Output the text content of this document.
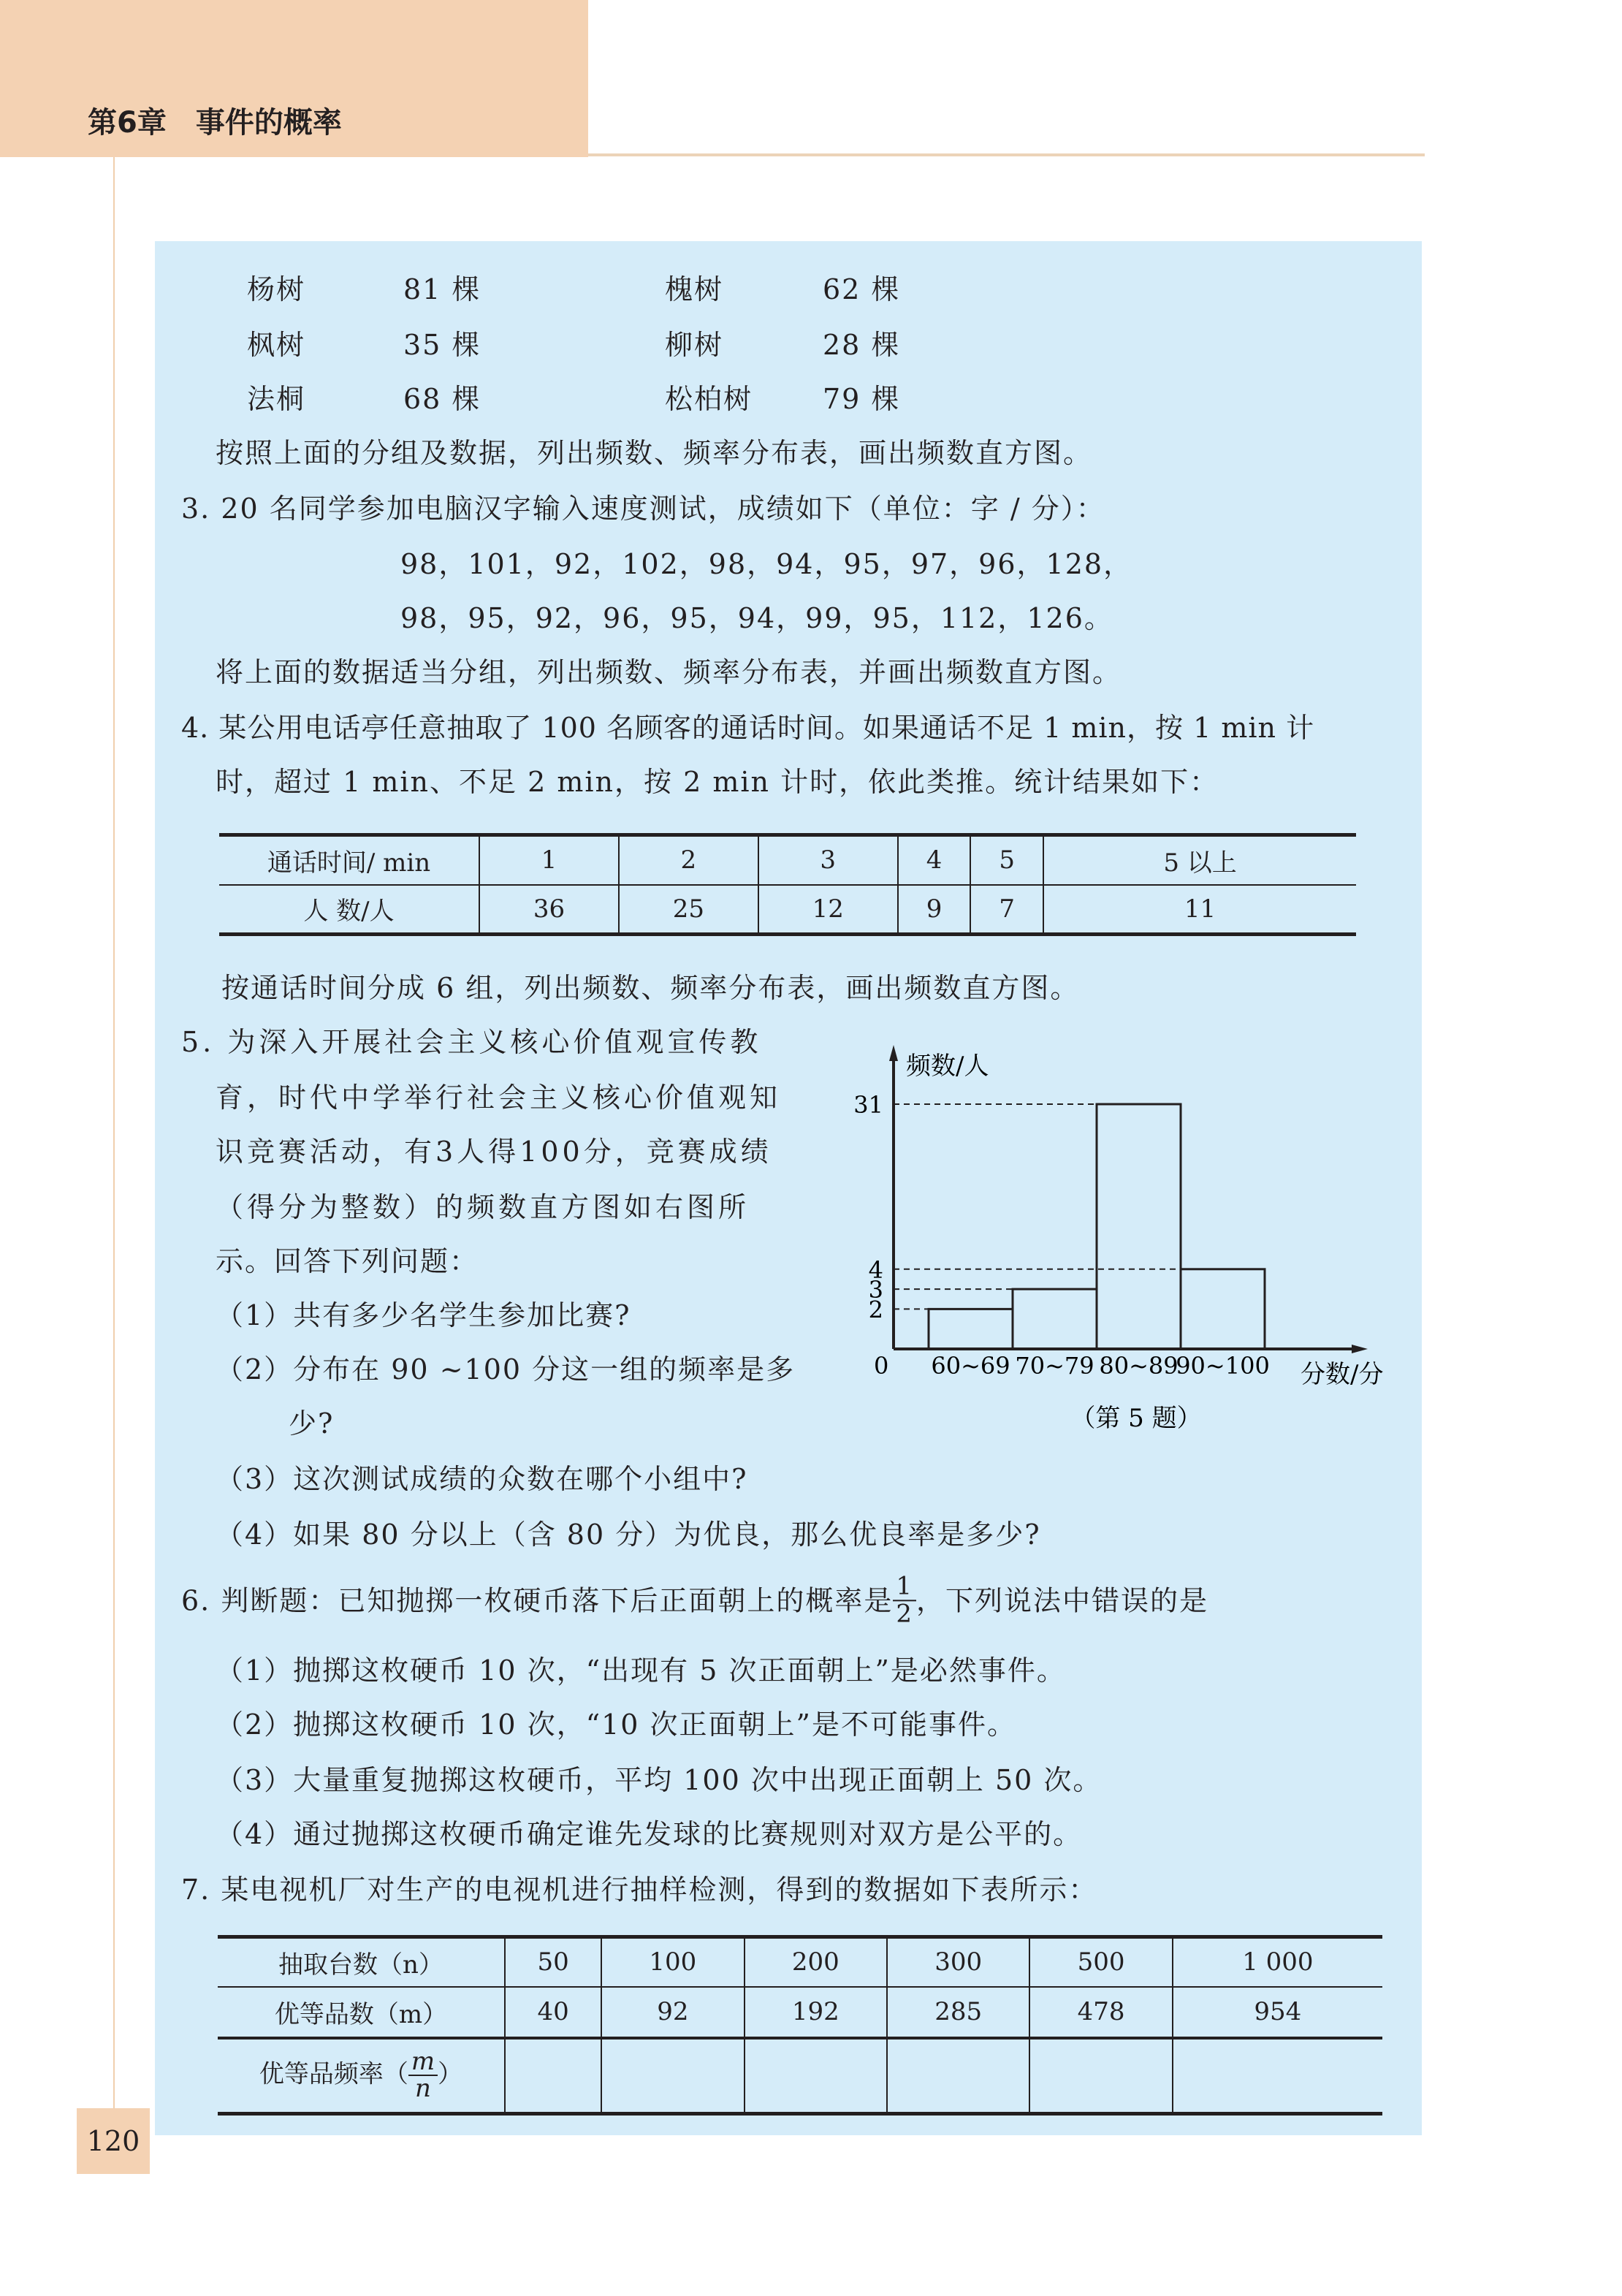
第6章　事件的概率
杨树	81 棵	槐树	62 棵
枫树	35 棵	柳树	28 棵
法桐	68 棵	松柏树	79 棵
按照上面的分组及数据，列出频数、频率分布表，画出频数直方图。
3. 20 名同学参加电脑汉字输入速度测试，成绩如下（单位：字 / 分）：
98，101，92，102，98，94，95，97，96，128，
98，95，92，96，95，94，99，95，112，126。
将上面的数据适当分组，列出频数、频率分布表，并画出频数直方图。
4. 某公用电话亭任意抽取了 100 名顾客的通话时间。如果通话不足 1 min，按 1 min 计
时，超过 1 min、不足 2 min，按 2 min 计时，依此类推。统计结果如下：
通话时间/ min	1	2	3	4	5	5 以上
人 数/人	36	25	12	9	7	11
按通话时间分成 6 组，列出频数、频率分布表，画出频数直方图。
5. 为深入开展社会主义核心价值观宣传教
育，时代中学举行社会主义核心价值观知
识竞赛活动，有3人得100分，竞赛成绩
（得分为整数）的频数直方图如右图所
示。回答下列问题：
（1）共有多少名学生参加比赛?
（2）分布在 90 ~100 分这一组的频率是多
少?
（3）这次测试成绩的众数在哪个小组中?
（4）如果 80 分以上（含 80 分）为优良，那么优良率是多少?
60~69 70~79 80~89
90~100
2
3
4
31
频数/人
分数/分
0
（第 5 题）
6. 判断题：已知抛掷一枚硬币落下后正面朝上的概率是 $\frac{1}{2}$ ，下列说法中错误的是
（1）抛掷这枚硬币 10 次，“出现有 5 次正面朝上”是必然事件。
（2）抛掷这枚硬币 10 次，“10 次正面朝上”是不可能事件。
（3）大量重复抛掷这枚硬币，平均 100 次中出现正面朝上 50 次。
（4）通过抛掷这枚硬币确定谁先发球的比赛规则对双方是公平的。
7. 某电视机厂对生产的电视机进行抽样检测，得到的数据如下表所示：
抽取台数（n）	50	100	200	300	500	1 000
优等品数（m）	40	92	192	285	478	954
优等品频率（ $\frac{m}{n}$ ）						
120
